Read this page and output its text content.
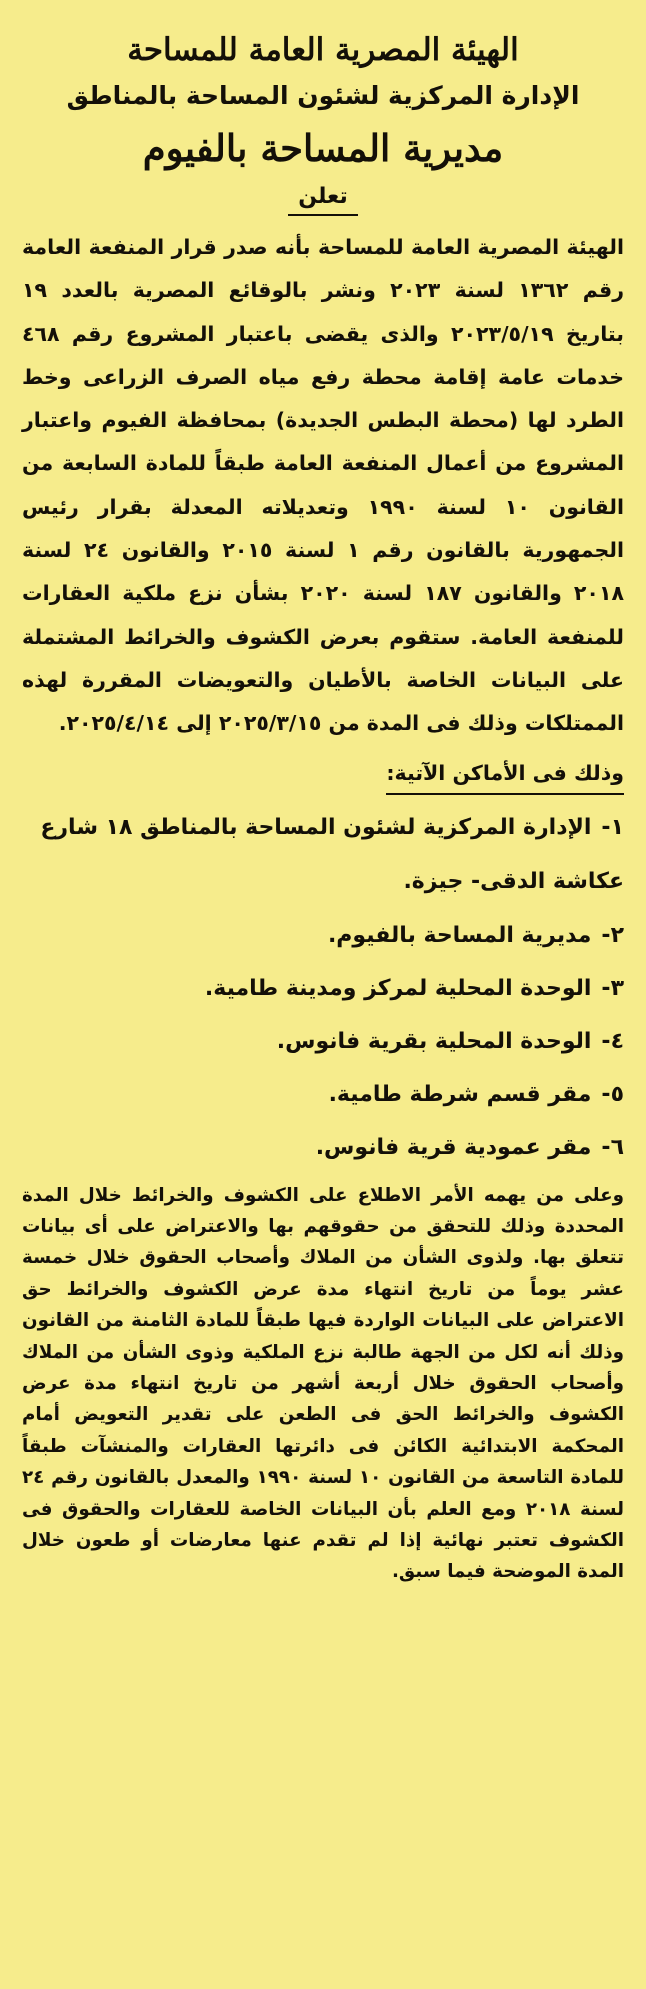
الهيئة المصرية العامة للمساحة
الإدارة المركزية لشئون المساحة بالمناطق
مديرية المساحة بالفيوم
تعلن

الهيئة المصرية العامة للمساحة بأنه صدر قرار المنفعة العامة رقم ١٣٦٢ لسنة ٢٠٢٣ ونشر بالوقائع المصرية بالعدد ١٩ بتاريخ ٢٠٢٣/٥/١٩ والذى يقضى باعتبار المشروع رقم ٤٦٨ خدمات عامة إقامة محطة رفع مياه الصرف الزراعى وخط الطرد لها (محطة البطس الجديدة) بمحافظة الفيوم واعتبار المشروع من أعمال المنفعة العامة طبقاً للمادة السابعة من القانون ١٠ لسنة ١٩٩٠ وتعديلاته المعدلة بقرار رئيس الجمهورية بالقانون رقم ١ لسنة ٢٠١٥ والقانون ٢٤ لسنة ٢٠١٨ والقانون ١٨٧ لسنة ٢٠٢٠ بشأن نزع ملكية العقارات للمنفعة العامة. ستقوم بعرض الكشوف والخرائط المشتملة على البيانات الخاصة بالأطيان والتعويضات المقررة لهذه الممتلكات وذلك فى المدة من ٢٠٢٥/٣/١٥ إلى ٢٠٢٥/٤/١٤.

وذلك فى الأماكن الآتية:
١-الإدارة المركزية لشئون المساحة بالمناطق ١٨ شارع عكاشة الدقى- جيزة.
٢-مديرية المساحة بالفيوم.
٣-الوحدة المحلية لمركز ومدينة طامية.
٤-الوحدة المحلية بقرية فانوس.
٥-مقر قسم شرطة طامية.
٦-مقر عمودية قرية فانوس.

وعلى من يهمه الأمر الاطلاع على الكشوف والخرائط خلال المدة المحددة وذلك للتحقق من حقوقهم بها والاعتراض على أى بيانات تتعلق بها. ولذوى الشأن من الملاك وأصحاب الحقوق خلال خمسة عشر يوماً من تاريخ انتهاء مدة عرض الكشوف والخرائط حق الاعتراض على البيانات الواردة فيها طبقاً للمادة الثامنة من القانون وذلك أنه لكل من الجهة طالبة نزع الملكية وذوى الشأن من الملاك وأصحاب الحقوق خلال أربعة أشهر من تاريخ انتهاء مدة عرض الكشوف والخرائط الحق فى الطعن على تقدير التعويض أمام المحكمة الابتدائية الكائن فى دائرتها العقارات والمنشآت طبقاً للمادة التاسعة من القانون ١٠ لسنة ١٩٩٠ والمعدل بالقانون رقم ٢٤ لسنة ٢٠١٨ ومع العلم بأن البيانات الخاصة للعقارات والحقوق فى الكشوف تعتبر نهائية إذا لم تقدم عنها معارضات أو طعون خلال المدة الموضحة فيما سبق.
